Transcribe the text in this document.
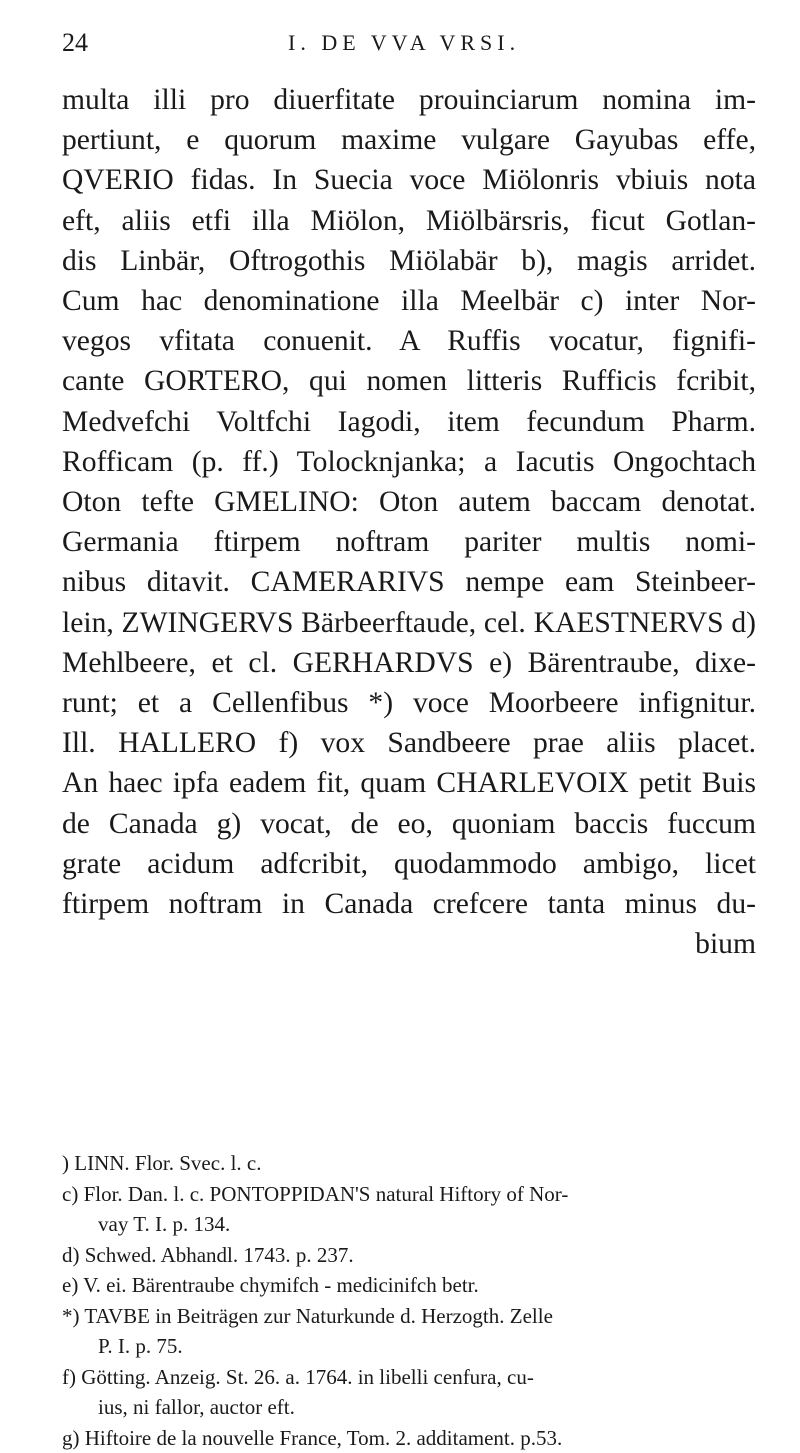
24	I. DE VVA VRSI.
multa illi pro diuerfitate prouinciarum nomina im-
pertiunt, e quorum maxime vulgare Gayubas effe,
QVERIO fidas. In Suecia voce Miölonris vbiuis nota
eft, aliis etfi illa Miölon, Miölbärsris, ficut Gotlan-
dis Linbär, Oftrogothis Miölabär b), magis arridet.
Cum hac denominatione illa Meelbär c) inter Nor-
vegos vfitata conuenit. A Ruffis vocatur, fignifi-
cante GORTERO, qui nomen litteris Rufficis fcribit,
Medvefchi Voltfchi Iagodi, item fecundum Pharm.
Rofficam (p. ff.) Tolocknjanka; a Iacutis Ongochtach
Oton tefte GMELINO: Oton autem baccam denotat.
Germania ftirpem noftram pariter multis nomi-
nibus ditavit. CAMERARIVS nempe eam Steinbeer-
lein, ZWINGERVS Bärbeerftaude, cel. KAESTNERVS d)
Mehlbeere, et cl. GERHARDVS e) Bärentraube, dixe-
runt; et a Cellenfibus *) voce Moorbeere infignitur.
Ill. HALLERO f) vox Sandbeere prae aliis placet.
An haec ipfa eadem fit, quam CHARLEVOIX petit Buis
de Canada g) vocat, de eo, quoniam baccis fuccum
grate acidum adfcribit, quodammodo ambigo, licet
ftirpem noftram in Canada crefcere tanta minus du-
bium
) LINN. Flor. Svec. l. c.
c) Flor. Dan. l. c. PONTOPPIDAN'S natural Hiftory of Nor-
vay T. I. p. 134.
d) Schwed. Abhandl. 1743. p. 237.
e) V. ei. Bärentraube chymifch - medicinifch betr.
*) TAVBE in Beiträgen zur Naturkunde d. Herzogth. Zelle
P. I. p. 75.
f) Götting. Anzeig. St. 26. a. 1764. in libelli cenfura, cu-
ius, ni fallor, auctor eft.
g) Hiftoire de la nouvelle France, Tom. 2. additament. p.53.
